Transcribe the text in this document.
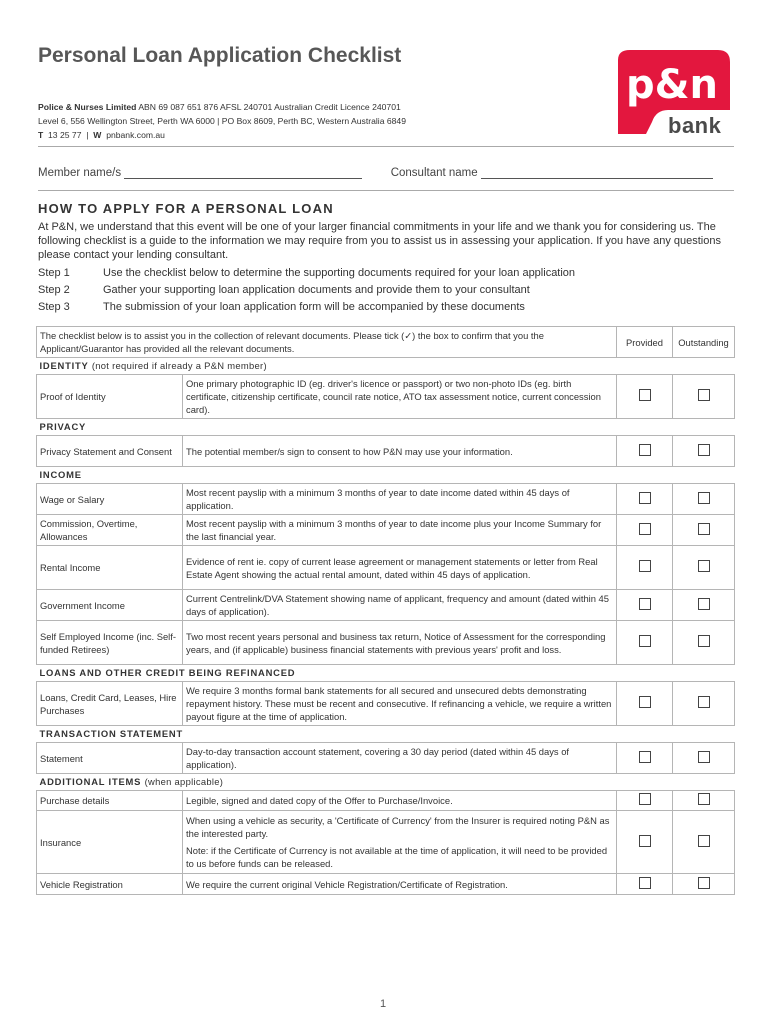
Personal Loan Application Checklist
Police & Nurses Limited ABN 69 087 651 876 AFSL 240701 Australian Credit Licence 240701
Level 6, 556 Wellington Street, Perth WA 6000 | PO Box 8609, Perth BC, Western Australia 6849
T 13 25 77  |  W pnbank.com.au
p&n
bank
Member name/s	Consultant name
HOW TO APPLY FOR A PERSONAL LOAN
At P&N, we understand that this event will be one of your larger financial commitments in your life and we thank you for considering us. The following checklist is a guide to the information we may require from you to assist us in assessing your application. If you have any questions please contact your lending consultant.
Step 1	Use the checklist below to determine the supporting documents required for your loan application
Step 2	Gather your supporting loan application documents and provide them to your consultant
Step 3	The submission of your loan application form will be accompanied by these documents
The checklist below is to assist you in the collection of relevant documents. Please tick (✓) the box to confirm that you the Applicant/Guarantor has provided all the relevant documents.		Provided	Outstanding
IDENTITY (not required if already a P&N member)			
Proof of Identity	One primary photographic ID (eg. driver's licence or passport) or two non-photo IDs (eg. birth certificate, citizenship certificate, council rate notice, ATO tax assessment notice, current concession card).		
PRIVACY			
Privacy Statement and Consent	The potential member/s sign to consent to how P&N may use your information.		
INCOME			
Wage or Salary	Most recent payslip with a minimum 3 months of year to date income dated within 45 days of application.		
Commission, Overtime, Allowances	Most recent payslip with a minimum 3 months of year to date income plus your Income Summary for the last financial year.		
Rental Income	Evidence of rent ie. copy of current lease agreement or management statements or letter from Real Estate Agent showing the actual rental amount, dated within 45 days of application.		
Government Income	Current Centrelink/DVA Statement showing name of applicant, frequency and amount (dated within 45 days of application).		
Self Employed Income (inc. Self-funded Retirees)	Two most recent years personal and business tax return, Notice of Assessment for the corresponding years, and (if applicable) business financial statements with previous years' profit and loss.		
LOANS AND OTHER CREDIT BEING REFINANCED			
Loans, Credit Card, Leases, Hire Purchases	We require 3 months formal bank statements for all secured and unsecured debts demonstrating repayment history. These must be recent and consecutive. If refinancing a vehicle, we require a written payout figure at the time of application.		
TRANSACTION STATEMENT			
Statement	Day-to-day transaction account statement, covering a 30 day period (dated within 45 days of application).		
ADDITIONAL ITEMS (when applicable)			
Purchase details	Legible, signed and dated copy of the Offer to Purchase/Invoice.		
Insurance	When using a vehicle as security, a 'Certificate of Currency' from the Insurer is required noting P&N as the interested party.
Note: if the Certificate of Currency is not available at the time of application, it will need to be provided to us before funds can be released.		

Vehicle Registration	We require the current original Vehicle Registration/Certificate of Registration.		
1
